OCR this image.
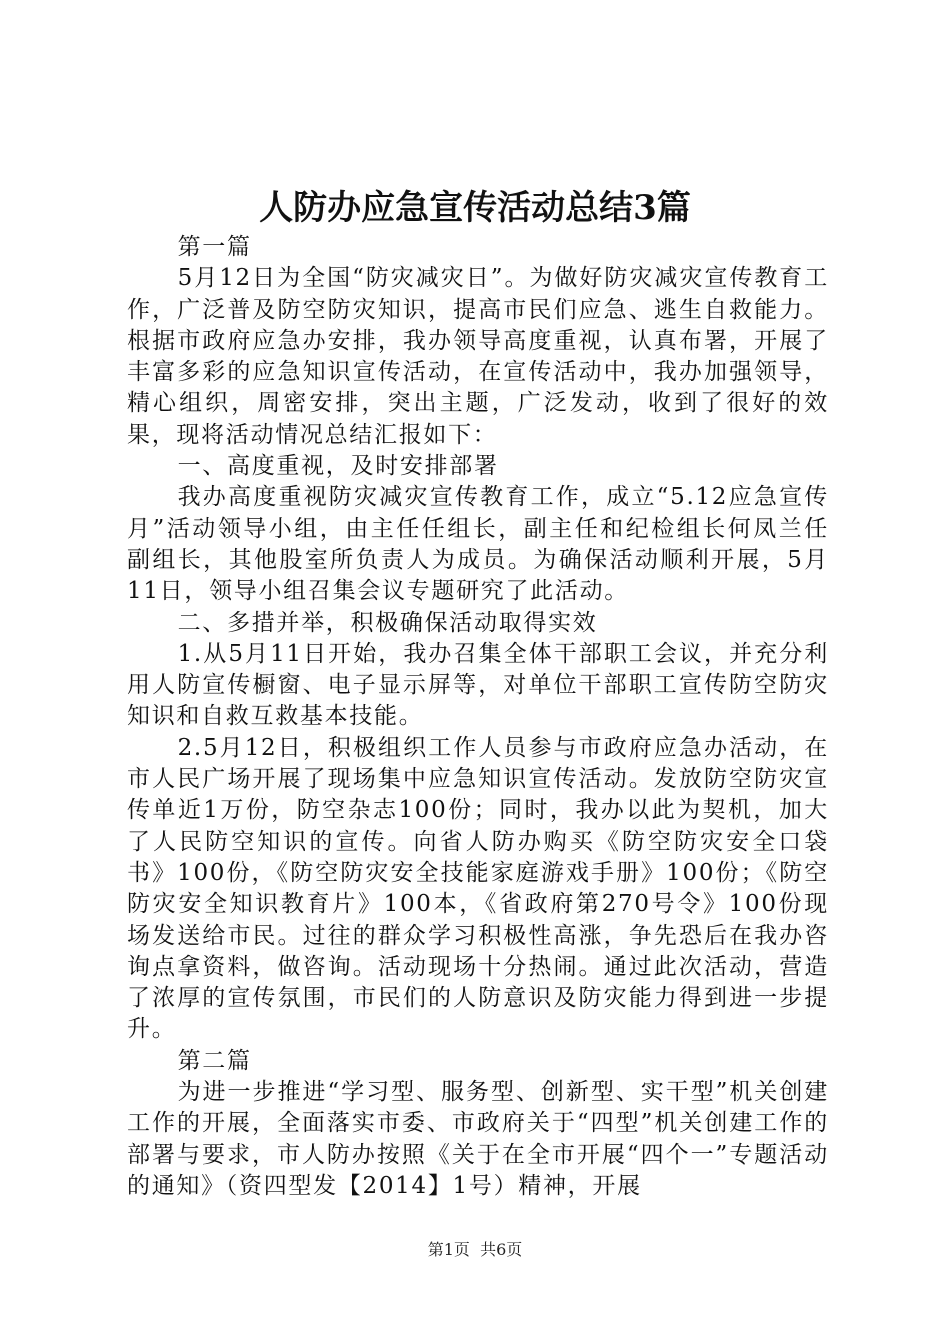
人防办应急宣传活动总结3篇

第一篇

5月12日为全国“防灾减灾日”。为做好防灾减灾宣传教育工作，广泛普及防空防灾知识，提高市民们应急、逃生自救能力。根据市政府应急办安排，我办领导高度重视，认真布署，开展了丰富多彩的应急知识宣传活动，在宣传活动中，我办加强领导，精心组织，周密安排，突出主题，广泛发动，收到了很好的效果，现将活动情况总结汇报如下：

一、高度重视，及时安排部署

我办高度重视防灾减灾宣传教育工作，成立“5.12应急宣传月”活动领导小组，由主任任组长，副主任和纪检组长何凤兰任副组长，其他股室所负责人为成员。为确保活动顺利开展，5月11日，领导小组召集会议专题研究了此活动。

二、多措并举，积极确保活动取得实效

1.从5月11日开始，我办召集全体干部职工会议，并充分利用人防宣传橱窗、电子显示屏等，对单位干部职工宣传防空防灾知识和自救互救基本技能。

2.5月12日，积极组织工作人员参与市政府应急办活动，在市人民广场开展了现场集中应急知识宣传活动。发放防空防灾宣传单近1万份，防空杂志100份；同时，我办以此为契机，加大了人民防空知识的宣传。向省人防办购买《防空防灾安全口袋书》100份，《防空防灾安全技能家庭游戏手册》100份；《防空防灾安全知识教育片》100本，《省政府第270号令》100份现场发送给市民。过往的群众学习积极性高涨，争先恐后在我办咨询点拿资料，做咨询。活动现场十分热闹。通过此次活动，营造了浓厚的宣传氛围，市民们的人防意识及防灾能力得到进一步提升。

第二篇

为进一步推进“学习型、服务型、创新型、实干型”机关创建工作的开展，全面落实市委、市政府关于“四型”机关创建工作的部署与要求，市人防办按照《关于在全市开展“四个一”专题活动的通知》（资四型发【2014】1号）精神，开展

第1页 共6页
